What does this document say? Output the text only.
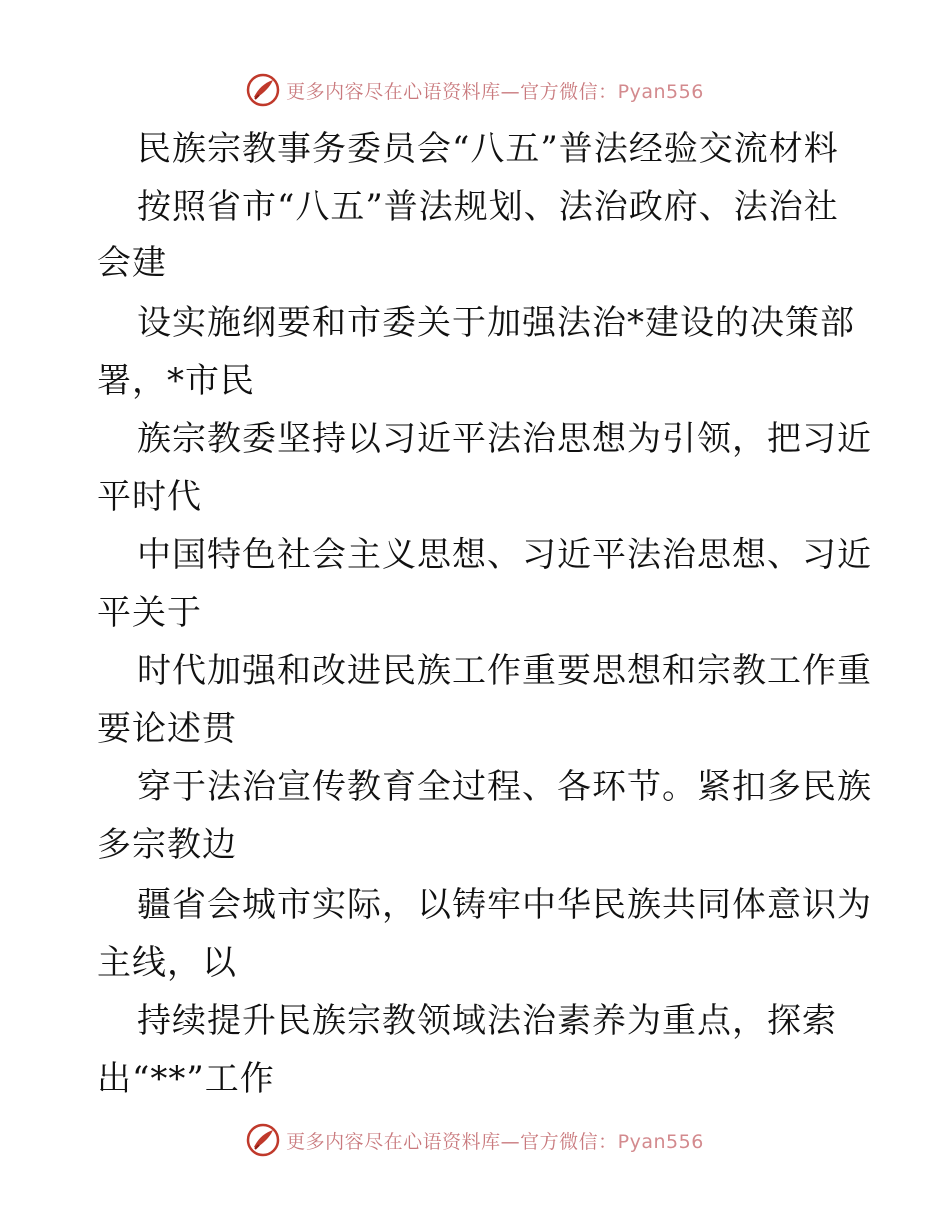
更多内容尽在心语资料库—官方微信：Pyan556
民族宗教事务委员会“八五”普法经验交流材料
按照省市“八五”普法规划、法治政府、法治社
会建
设实施纲要和市委关于加强法治*建设的决策部
署，*市民
族宗教委坚持以习近平法治思想为引领，把习近
平时代
中国特色社会主义思想、习近平法治思想、习近
平关于
时代加强和改进民族工作重要思想和宗教工作重
要论述贯
穿于法治宣传教育全过程、各环节。紧扣多民族
多宗教边
疆省会城市实际，以铸牢中华民族共同体意识为
主线，以
持续提升民族宗教领域法治素养为重点，探索
出“**”工作
更多内容尽在心语资料库—官方微信：Pyan556
